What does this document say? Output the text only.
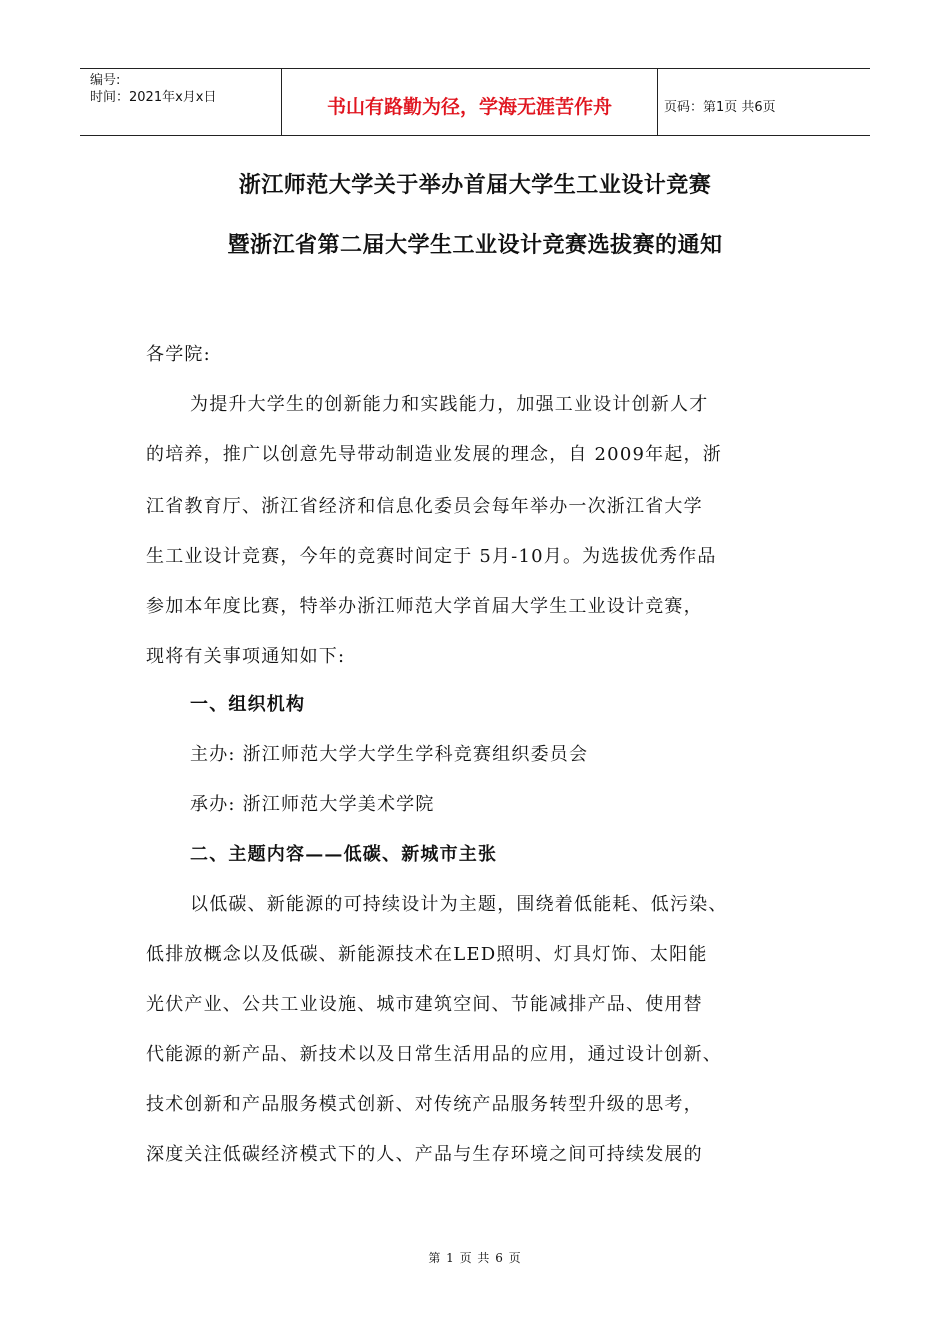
编号:
时间：2021年x月x日	书山有路勤为径，学海无涯苦作舟	页码：第1页 共6页
浙江师范大学关于举办首届大学生工业设计竞赛
暨浙江省第二届大学生工业设计竞赛选拔赛的通知
各学院:
为提升大学生的创新能力和实践能力，加强工业设计创新人才
的培养，推广以创意先导带动制造业发展的理念，自 2009年起，浙
江省教育厅、浙江省经济和信息化委员会每年举办一次浙江省大学
生工业设计竞赛，今年的竞赛时间定于 5月-10月。为选拔优秀作品
参加本年度比赛，特举办浙江师范大学首届大学生工业设计竞赛，
现将有关事项通知如下:
一、组织机构
主办: 浙江师范大学大学生学科竞赛组织委员会
承办: 浙江师范大学美术学院
二、主题内容——低碳、新城市主张
以低碳、新能源的可持续设计为主题，围绕着低能耗、低污染、
低排放概念以及低碳、新能源技术在LED照明、灯具灯饰、太阳能
光伏产业、公共工业设施、城市建筑空间、节能减排产品、使用替
代能源的新产品、新技术以及日常生活用品的应用，通过设计创新、
技术创新和产品服务模式创新、对传统产品服务转型升级的思考，
深度关注低碳经济模式下的人、产品与生存环境之间可持续发展的
第 1 页 共 6 页
